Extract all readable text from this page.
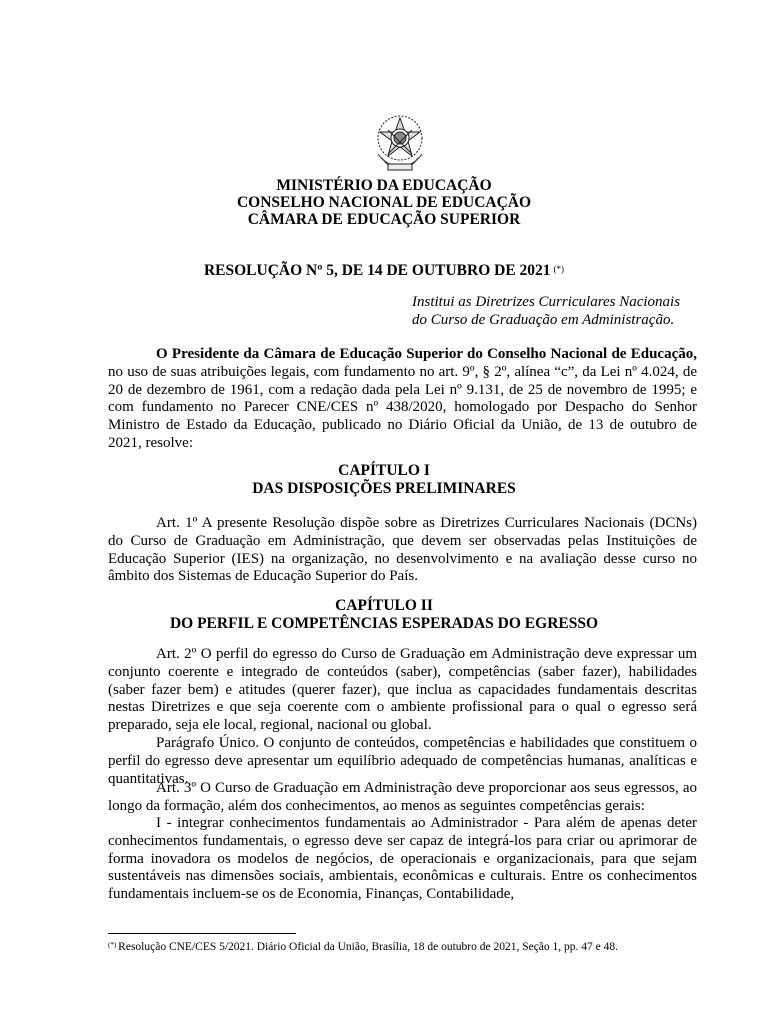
MINISTÉRIO DA EDUCAÇÃO
CONSELHO NACIONAL DE EDUCAÇÃO
CÂMARA DE EDUCAÇÃO SUPERIOR
RESOLUÇÃO Nº 5, DE 14 DE OUTUBRO DE 2021 (*)
Institui as Diretrizes Curriculares Nacionais
do Curso de Graduação em Administração.

O Presidente da Câmara de Educação Superior do Conselho Nacional de Educação, no uso de suas atribuições legais, com fundamento no art. 9º, § 2º, alínea “c”, da Lei nº 4.024, de 20 de dezembro de 1961, com a redação dada pela Lei nº 9.131, de 25 de novembro de 1995; e com fundamento no Parecer CNE/CES nº 438/2020, homologado por Despacho do Senhor Ministro de Estado da Educação, publicado no Diário Oficial da União, de 13 de outubro de 2021, resolve:

CAPÍTULO I
DAS DISPOSIÇÕES PRELIMINARES

Art. 1º A presente Resolução dispõe sobre as Diretrizes Curriculares Nacionais (DCNs) do Curso de Graduação em Administração, que devem ser observadas pelas Instituições de Educação Superior (IES) na organização, no desenvolvimento e na avaliação desse curso no âmbito dos Sistemas de Educação Superior do País.

CAPÍTULO II
DO PERFIL E COMPETÊNCIAS ESPERADAS DO EGRESSO

Art. 2º O perfil do egresso do Curso de Graduação em Administração deve expressar um conjunto coerente e integrado de conteúdos (saber), competências (saber fazer), habilidades (saber fazer bem) e atitudes (querer fazer), que inclua as capacidades fundamentais descritas nestas Diretrizes e que seja coerente com o ambiente profissional para o qual o egresso será preparado, seja ele local, regional, nacional ou global.

Parágrafo Único. O conjunto de conteúdos, competências e habilidades que constituem o perfil do egresso deve apresentar um equilíbrio adequado de competências humanas, analíticas e quantitativas.

Art. 3º O Curso de Graduação em Administração deve proporcionar aos seus egressos, ao longo da formação, além dos conhecimentos, ao menos as seguintes competências gerais:

I - integrar conhecimentos fundamentais ao Administrador - Para além de apenas deter conhecimentos fundamentais, o egresso deve ser capaz de integrá-los para criar ou aprimorar de forma inovadora os modelos de negócios, de operacionais e organizacionais, para que sejam sustentáveis nas dimensões sociais, ambientais, econômicas e culturais. Entre os conhecimentos fundamentais incluem-se os de Economia, Finanças, Contabilidade,

(*) Resolução CNE/CES 5/2021. Diário Oficial da União, Brasília, 18 de outubro de 2021, Seção 1, pp. 47 e 48.
